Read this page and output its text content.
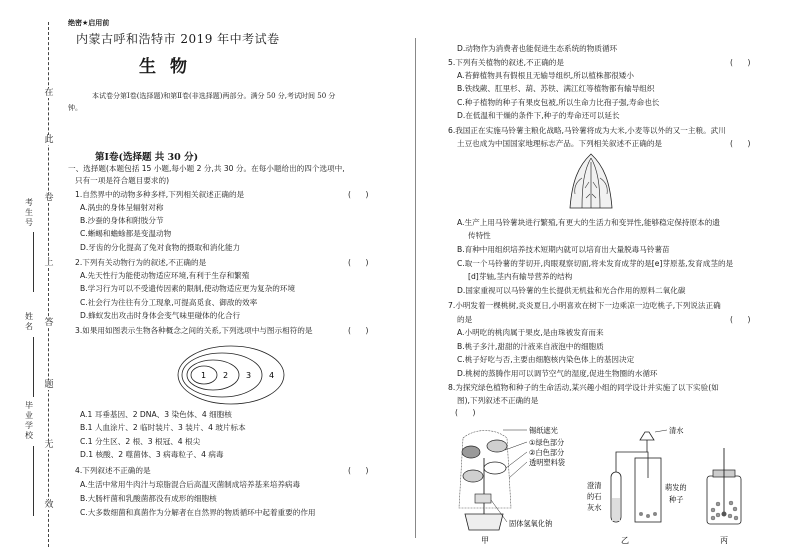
在
此
卷
上
答
题
无
效
考生号
姓名
毕业学校
绝密★启用前
内蒙古呼和浩特市 2019 年中考试卷
生物
本试卷分第Ⅰ卷(选择题)和第Ⅱ卷(非选择题)两部分。满分 50 分,考试时间 50 分
钟。
第Ⅰ卷(选择题 共 30 分)
一、选择题(本题包括 15 小题,每小题 2 分,共 30 分。在每小题给出的四个选项中,
只有一项是符合题目要求的)
1.自然界中的动物多种多样,下列相关叙述正确的是	(      )
A.涡虫的身体呈辐射对称
B.沙蚕的身体和附肢分节
C.蜥蜴和蟾蜍都是变温动物
D.牙齿的分化提高了兔对食物的摄取和消化能力
2.下列有关动物行为的叙述,不正确的是	(      )
A.先天性行为能使动物适应环境,有利于生存和繁殖
B.学习行为可以不受遗传因素的限制,使动物适应更为复杂的环境
C.社会行为往往有分工现象,可提高觅食、御敌的效率
D.蜂蚁发出攻击时身体会变气味里碰体的化合行
3.如果用如图表示生物各种概念之间的关系,下列选项中与图示相符的是	(      )
1 2 3 4
A.1 耳垂基因、2 DNA、3 染色体、4 细胞核
B.1 人血涂片、2 临时装片、3 装片、4 玻片标本
C.1 分生区、2 根、3 根冠、4 根尖
D.1 核酸、2 噬菌体、3 病毒粒子、4 病毒
4.下列叙述不正确的是	(      )
A.生活中常用牛肉汁与琼脂混合后高温灭菌制成培养基来培养病毒
B.大肠杆菌和乳酸菌都没有成形的细胞核
C.大多数细菌和真菌作为分解者在自然界的物质循环中起着重要的作用
D.动物作为消费者也能促进生态系统的物质循环
5.下列有关植物的叙述,不正确的是	(      )
A.苔藓植物具有假根且无输导组织,所以植株都很矮小
B.铁线蕨、肛里杉、葫、苏铁、满江红等植物都有输导组织
C.种子植物的种子有果皮包被,所以生命力比孢子强,寿命也长
D.在低温和干燥的条件下,种子的寿命还可以延长
6.我国正在实施马铃薯主粮化战略,马铃薯将成为大米,小麦等以外的又一主粮。武川
土豆也成为中国国家地理标志产品。下列相关叙述不正确的是	(      )
A.生产上用马铃薯块进行繁殖,有更大的生活力和变异性,能够稳定保持原本的遗
传特性
B.育种中用组织培养技术短期内就可以培育出大量脱毒马铃薯苗
C.取一个马铃薯的芽切开,肉眼观察切面,将未发育成芽的是[e]芽原基,发育成茎的是
[d]芽轴,茎内有输导营养的结构
D.国家重视可以马铃薯的生长提供无机盐和光合作用的原料二氧化碳
7.小明发着一棵桃树,炎炎夏日,小明喜欢在树下一边乘凉一边吃桃子,下列说法正确
的是	(      )
A.小明吃的桃肉属于果皮,是由珠被发育而来
B.桃子多汁,甜甜的汁液来自液泡中的细胞质
C.桃子好吃与否,主要由细胞核内染色体上的基因决定
D.桃树的蒸腾作用可以调节空气的湿度,促进生物圈的水循环
8.为探究绿色植物和种子的生命活动,某兴趣小组的同学设计并实施了以下实验(如
图),下列叙述不正确的是
(      )
锡纸遮光
①绿色部分
②白色部分
透明塑料袋
固体氢氧化钠
甲
澄清
的石
灰水
清水
萌发的
种子
乙	丙
